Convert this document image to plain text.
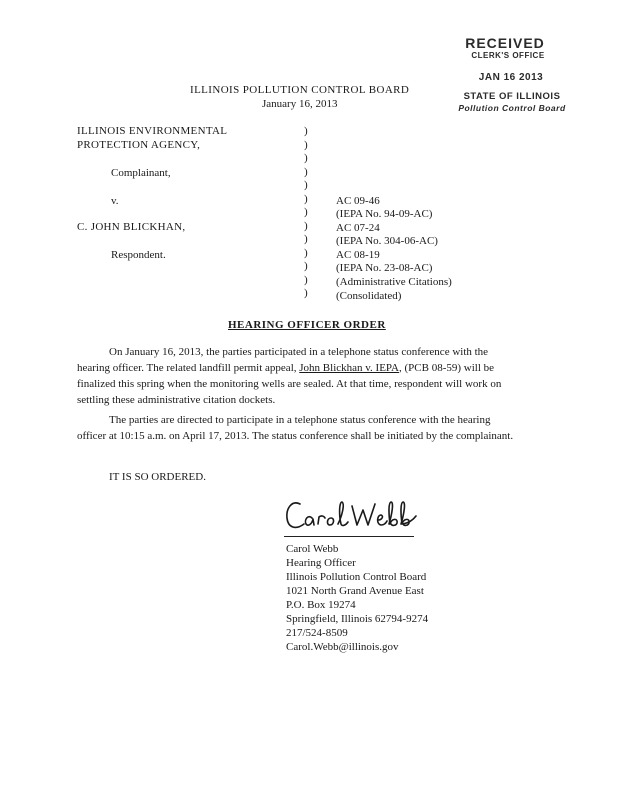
RECEIVED
CLERK'S OFFICE
JAN 16 2013
STATE OF ILLINOIS
Pollution Control Board
ILLINOIS POLLUTION CONTROL BOARD
January 16, 2013
ILLINOIS ENVIRONMENTAL
PROTECTION AGENCY,
Complainant,
v.
C. JOHN BLICKHAN,
Respondent.
)
)
)
)
)
)
)
)
)
)
)
)
)
AC 09-46
(IEPA No. 94-09-AC)
AC 07-24
(IEPA No. 304-06-AC)
AC 08-19
(IEPA No. 23-08-AC)
(Administrative Citations)
(Consolidated)
HEARING OFFICER ORDER
On January 16, 2013, the parties participated in a telephone status conference with the hearing officer. The related landfill permit appeal, John Blickhan v. IEPA, (PCB 08-59) will be finalized this spring when the monitoring wells are sealed. At that time, respondent will work on settling these administrative citation dockets.
The parties are directed to participate in a telephone status conference with the hearing officer at 10:15 a.m. on April 17, 2013. The status conference shall be initiated by the complainant.
IT IS SO ORDERED.
Carol Webb
Hearing Officer
Illinois Pollution Control Board
1021 North Grand Avenue East
P.O. Box 19274
Springfield, Illinois 62794-9274
217/524-8509
Carol.Webb@illinois.gov
